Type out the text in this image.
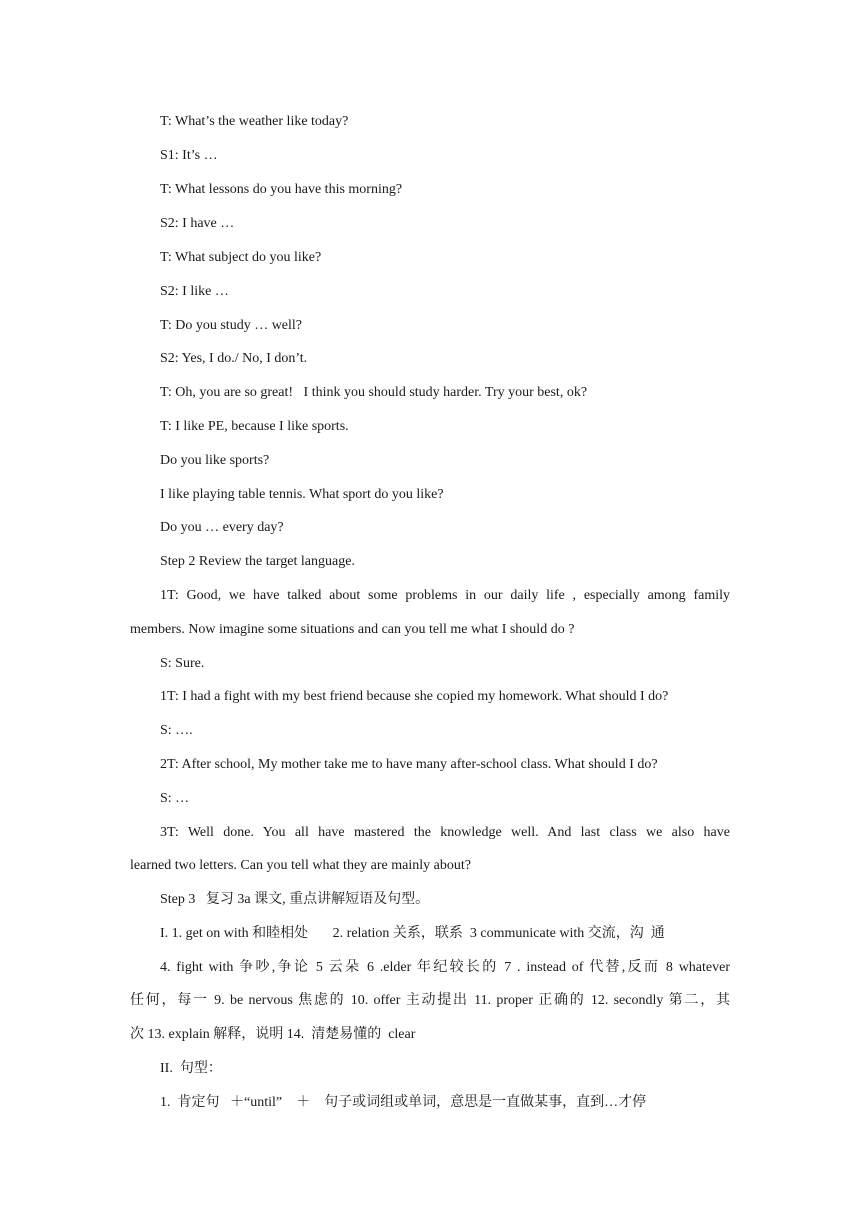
T: What’s the weather like today?
S1: It’s …
T: What lessons do you have this morning?
S2: I have …
T: What subject do you like?
S2: I like …
T: Do you study … well?
S2: Yes, I do./ No, I don’t.
T: Oh, you are so great!   I think you should study harder. Try your best, ok?
T: I like PE, because I like sports.
Do you like sports?
I like playing table tennis. What sport do you like?
Do you … every day?
Step 2 Review the target language.
1T: Good, we have talked about some problems in our daily life , especially among family
members. Now imagine some situations and can you tell me what I should do ?
S: Sure.
1T: I had a fight with my best friend because she copied my homework. What should I do?
S: ….
2T: After school, My mother take me to have many after-school class. What should I do?
S: …
3T: Well done. You all have mastered the knowledge well. And last class we also have
learned two letters. Can you tell what they are mainly about?
Step 3   复习 3a 课文, 重点讲解短语及句型。
I. 1. get on with 和睦相处       2. relation 关系，联系  3 communicate with 交流，沟  通
4. fight with 争吵,争论 5 云朵 6 .elder 年纪较长的 7 . instead of 代替,反而 8 whatever
任何，每一 9. be nervous 焦虑的 10. offer 主动提出 11. proper 正确的 12. secondly 第二，其
次 13. explain 解释，说明 14.  清楚易懂的  clear
II.  句型：
1.  肯定句   ＋“until”    ＋    句子或词组或单词，意思是一直做某事，直到…才停
